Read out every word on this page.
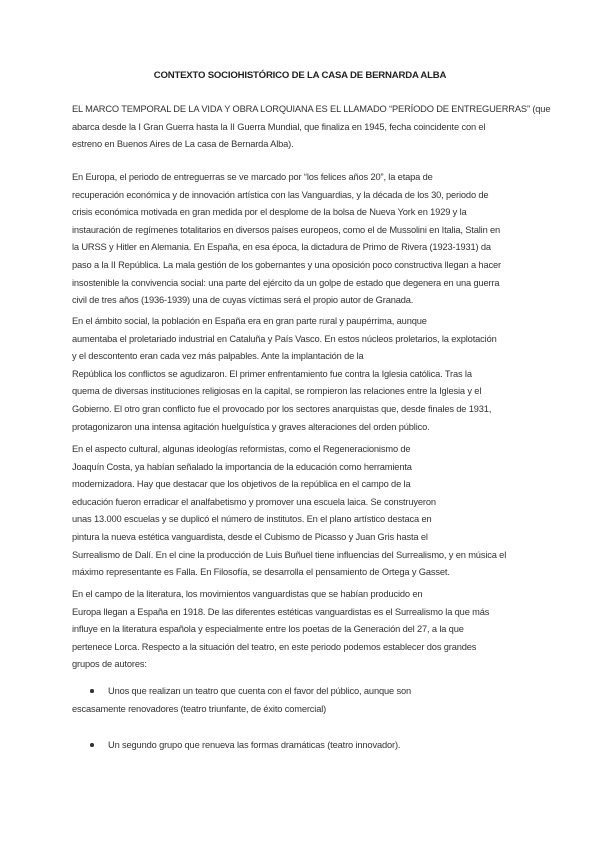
CONTEXTO SOCIOHISTÓRICO DE LA CASA DE BERNARDA ALBA
EL MARCO TEMPORAL DE LA VIDA Y OBRA LORQUIANA ES EL LLAMADO “PERÍODO DE ENTREGUERRAS” (que
abarca desde la I Gran Guerra hasta la II Guerra Mundial, que finaliza en 1945, fecha coincidente con el
estreno en Buenos Aires de La casa de Bernarda Alba).
En Europa, el periodo de entreguerras se ve marcado por “los felices años 20”, la etapa de
recuperación económica y de innovación artística con las Vanguardias, y la década de los 30, periodo de
crisis económica motivada en gran medida por el desplome de la bolsa de Nueva York en 1929 y la
instauración de regímenes totalitarios en diversos países europeos, como el de Mussolini en Italia, Stalin en
la URSS y Hitler en Alemania. En España, en esa época, la dictadura de Primo de Rivera (1923-1931) da
paso a la II República. La mala gestión de los gobernantes y una oposición poco constructiva llegan a hacer
insostenible la convivencia social: una parte del ejército da un golpe de estado que degenera en una guerra
civil de tres años (1936-1939) una de cuyas víctimas será el propio autor de Granada.
En el ámbito social, la población en España era en gran parte rural y paupérrima, aunque
aumentaba el proletariado industrial en Cataluña y País Vasco. En estos núcleos proletarios, la explotación
y el descontento eran cada vez más palpables. Ante la implantación de la
República los conflictos se agudizaron. El primer enfrentamiento fue contra la Iglesia católica. Tras la
quema de diversas instituciones religiosas en la capital, se rompieron las relaciones entre la Iglesia y el
Gobierno. El otro gran conflicto fue el provocado por los sectores anarquistas que, desde finales de 1931,
protagonizaron una intensa agitación huelguística y graves alteraciones del orden público.
En el aspecto cultural, algunas ideologías reformistas, como el Regeneracionismo de
Joaquín Costa, ya habían señalado la importancia de la educación como herramienta
modernizadora. Hay que destacar que los objetivos de la república en el campo de la
educación fueron erradicar el analfabetismo y promover una escuela laica. Se construyeron
unas 13.000 escuelas y se duplicó el número de institutos. En el plano artístico destaca en
pintura la nueva estética vanguardista, desde el Cubismo de Picasso y Juan Gris hasta el
Surrealismo de Dalí. En el cine la producción de Luis Buñuel tiene influencias del Surrealismo, y en música el
máximo representante es Falla. En Filosofía, se desarrolla el pensamiento de Ortega y Gasset.
En el campo de la literatura, los movimientos vanguardistas que se habían producido en
Europa llegan a España en 1918. De las diferentes estéticas vanguardistas es el Surrealismo la que más
influye en la literatura española y especialmente entre los poetas de la Generación del 27, a la que
pertenece Lorca. Respecto a la situación del teatro, en este periodo podemos establecer dos grandes
grupos de autores:
Unos que realizan un teatro que cuenta con el favor del público, aunque son
escasamente renovadores (teatro triunfante, de éxito comercial)
Un segundo grupo que renueva las formas dramáticas (teatro innovador).
